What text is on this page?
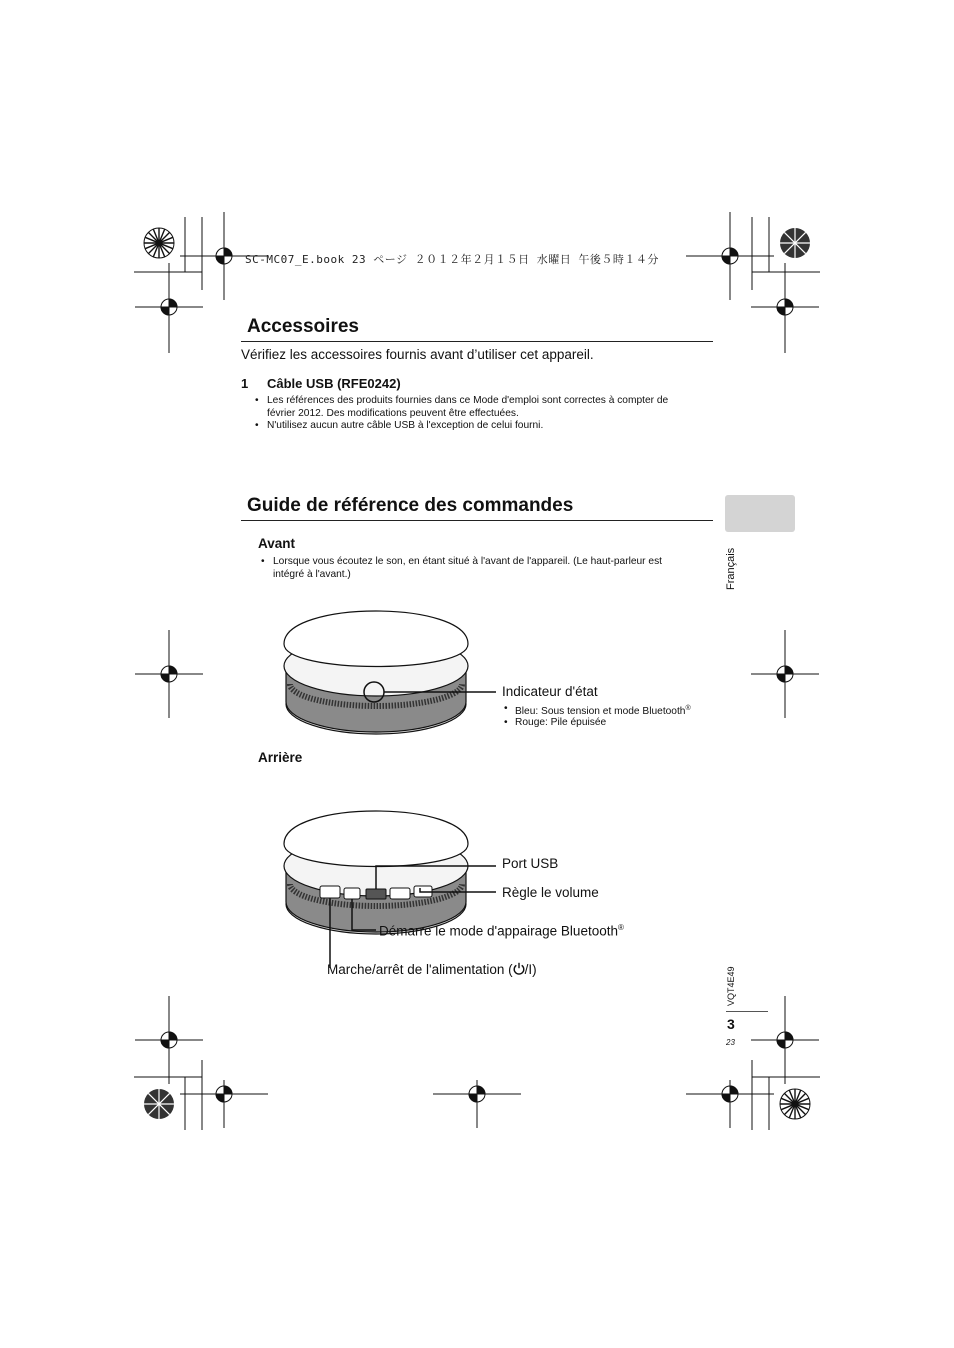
SC-MC07_E.book 23 ページ ２０１２年２月１５日 水曜日 午後５時１４分
Accessoires
Vérifiez les accessoires fournis avant d’utiliser cet appareil.
1 Câble USB (RFE0242)
• Les références des produits fournies dans ce Mode d'emploi sont correctes à compter de
février 2012. Des modifications peuvent être effectuées.
• N'utilisez aucun autre câble USB à l'exception de celui fourni.
Guide de référence des commandes
Français
Avant
• Lorsque vous écoutez le son, en étant situé à l'avant de l'appareil. (Le haut-parleur est
intégré à l'avant.)
Indicateur d'état
• Bleu: Sous tension et mode Bluetooth®
• Rouge: Pile épuisée
Arrière
Port USB
Règle le volume
Démarre le mode d'appairage Bluetooth®
Marche/arrêt de l'alimentation ( /I)	VQT4E49
3
23
